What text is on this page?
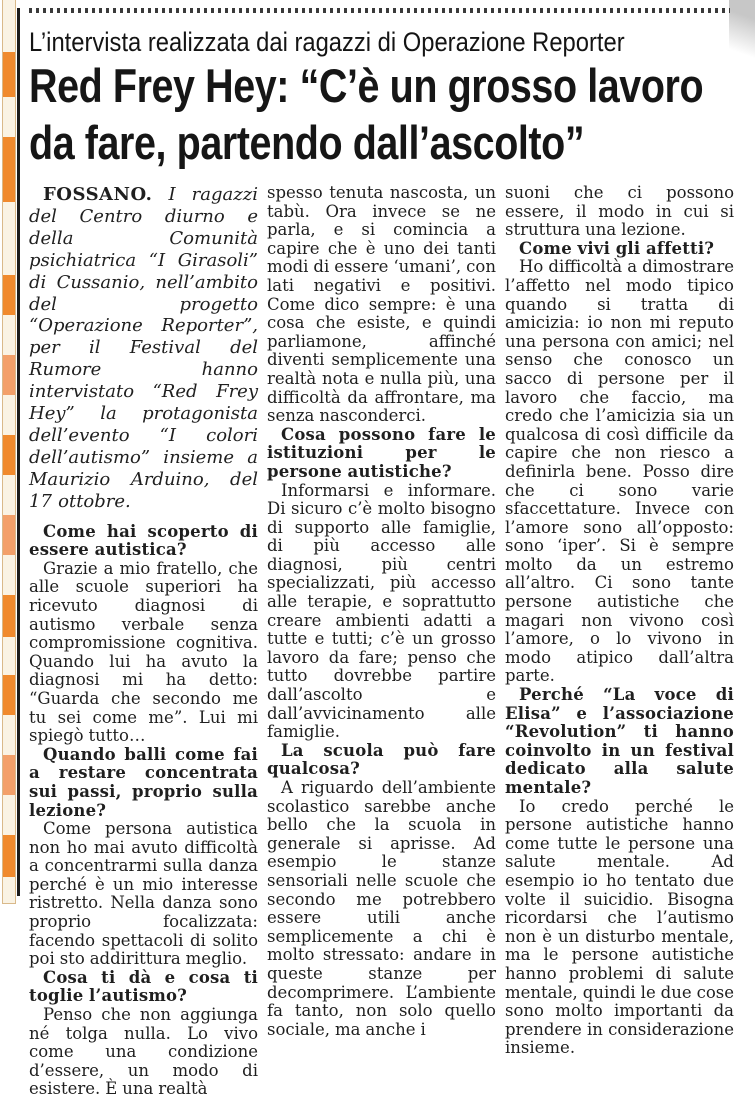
L’intervista realizzata dai ragazzi di Operazione Reporter
Red Frey Hey: “C’è un grosso lavoro
da fare, partendo dall’ascolto”

FOSSANO. I ragazzi del Centro diurno e della Comunità psichiatrica “I Girasoli” di Cussanio, nell’ambito del progetto “Operazione Reporter”, per il Festival del Rumore hanno intervistato “Red Frey Hey” la protagonista dell’evento “I colori dell’autismo” insieme a Maurizio Arduino, del 17 ottobre.

Come hai scoperto di essere autistica?

Grazie a mio fratello, che alle scuole superiori ha ricevuto diagnosi di autismo verbale senza compromissione cognitiva. Quando lui ha avuto la diagnosi mi ha detto: “Guarda che secondo me tu sei come me”. Lui mi spiegò tutto…

Quando balli come fai a restare concentrata sui passi, proprio sulla lezione?

Come persona autistica non ho mai avuto difficoltà a concentrarmi sulla danza perché è un mio interesse ristretto. Nella danza sono proprio focalizzata: facendo spettacoli di solito poi sto addirittura meglio.

Cosa ti dà e cosa ti toglie l’autismo?

Penso che non aggiunga né tolga nulla. Lo vivo come una condizione d’essere, un modo di esistere. È una realtà

spesso tenuta nascosta, un tabù. Ora invece se ne parla, e si comincia a capire che è uno dei tanti modi di essere ‘umani’, con lati negativi e positivi. Come dico sempre: è una cosa che esiste, e quindi parliamone, affinché diventi semplicemente una realtà nota e nulla più, una difficoltà da affrontare, ma senza nasconderci.

Cosa possono fare le istituzioni per le persone autistiche?

Informarsi e informare. Di sicuro c’è molto bisogno di supporto alle famiglie, di più accesso alle diagnosi, più centri specializzati, più accesso alle terapie, e soprattutto creare ambienti adatti a tutte e tutti; c’è un grosso lavoro da fare; penso che tutto dovrebbe partire dall’ascolto e dall’avvicinamento alle famiglie.

La scuola può fare qualcosa?

A riguardo dell’ambiente scolastico sarebbe anche bello che la scuola in generale si aprisse. Ad esempio le stanze sensoriali nelle scuole che secondo me potrebbero essere utili anche semplicemente a chi è molto stressato: andare in queste stanze per decomprimere. L’ambiente fa tanto, non solo quello sociale, ma anche i

suoni che ci possono essere, il modo in cui si struttura una lezione.

Come vivi gli affetti?

Ho difficoltà a dimostrare l’affetto nel modo tipico quando si tratta di amicizia: io non mi reputo una persona con amici; nel senso che conosco un sacco di persone per il lavoro che faccio, ma credo che l’amicizia sia un qualcosa di così difficile da capire che non riesco a definirla bene. Posso dire che ci sono varie sfaccettature. Invece con l’amore sono all’opposto: sono ‘iper’. Si è sempre molto da un estremo all’altro. Ci sono tante persone autistiche che magari non vivono così l’amore, o lo vivono in modo atipico dall’altra parte.

Perché “La voce di Elisa” e l’associazione “Revolution” ti hanno coinvolto in un festival dedicato alla salute mentale?

Io credo perché le persone autistiche hanno come tutte le persone una salute mentale. Ad esempio io ho tentato due volte il suicidio. Bisogna ricordarsi che l’autismo non è un disturbo mentale, ma le persone autistiche hanno problemi di salute mentale, quindi le due cose sono molto importanti da prendere in considerazione insieme.
